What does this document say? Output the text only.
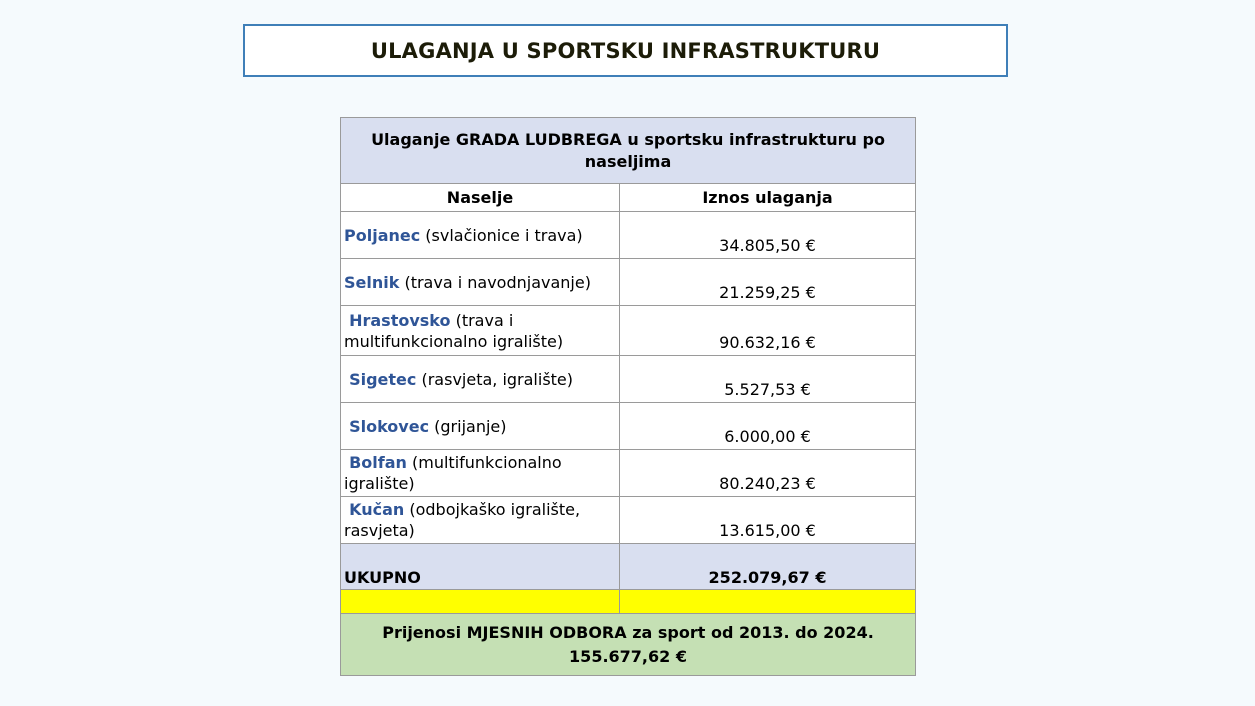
ULAGANJA U SPORTSKU INFRASTRUKTURU
Ulaganje GRADA LUDBREGA u sportsku infrastrukturu po naseljima	
Naselje	Iznos ulaganja
Poljanec (svlačionice i trava)	34.805,50 €
Selnik (trava i navodnjavanje)	21.259,25 €
Hrastovsko (trava i multifunkcionalno igralište)	90.632,16 €
Sigetec (rasvjeta, igralište)	5.527,53 €
Slokovec (grijanje)	6.000,00 €
Bolfan (multifunkcionalno igralište)	80.240,23 €
Kučan (odbojkaško igralište, rasvjeta)	13.615,00 €
UKUPNO	252.079,67 €

Prijenosi MJESNIH ODBORA za sport od 2013. do 2024.
155.677,62 €	
